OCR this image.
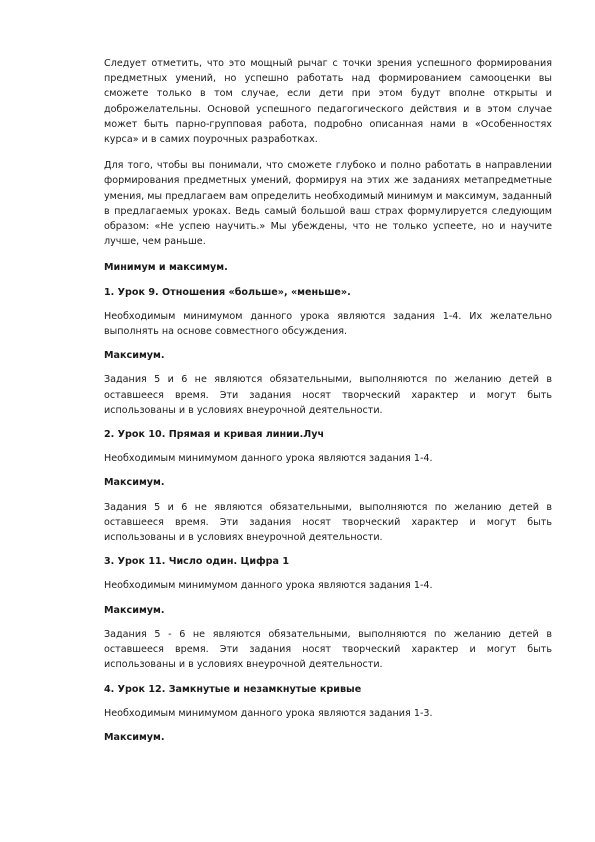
Следует отметить, что это мощный рычаг с точки зрения успешного формирования предметных умений, но успешно работать над формированием самооценки вы сможете только в том случае, если дети при этом будут вполне открыты и доброжелательны. Основой успешного педагогического действия и в этом случае может быть парно-групповая работа, подробно описанная нами в «Особенностях курса» и в самих поурочных разработках.

Для того, чтобы вы понимали, что сможете глубоко и полно работать в направлении формирования предметных умений, формируя на этих же заданиях метапредметные умения, мы предлагаем вам определить необходимый минимум и максимум, заданный в предлагаемых уроках. Ведь самый большой ваш страх формулируется следующим образом: «Не успею научить.» Мы убеждены, что не только успеете, но и научите лучше, чем раньше.

Минимум и максимум.

1. Урок 9. Отношения «больше», «меньше».

Необходимым минимумом данного урока являются задания 1-4. Их желательно выполнять на основе совместного обсуждения.

Максимум.

Задания 5 и 6 не являются обязательными, выполняются по желанию детей в оставшееся время. Эти задания носят творческий характер и могут быть использованы и в условиях внеурочной деятельности.

2. Урок 10. Прямая и кривая линии.Луч

Необходимым минимумом данного урока являются задания 1-4.

Максимум.

Задания 5 и 6 не являются обязательными, выполняются по желанию детей в оставшееся время. Эти задания носят творческий характер и могут быть использованы и в условиях внеурочной деятельности.

3. Урок 11. Число один. Цифра 1

Необходимым минимумом данного урока являются задания 1-4.

Максимум.

Задания 5 - 6 не являются обязательными, выполняются по желанию детей в оставшееся время. Эти задания носят творческий характер и могут быть использованы и в условиях внеурочной деятельности.

4. Урок 12. Замкнутые и незамкнутые кривые

Необходимым минимумом данного урока являются задания 1-3.

Максимум.
